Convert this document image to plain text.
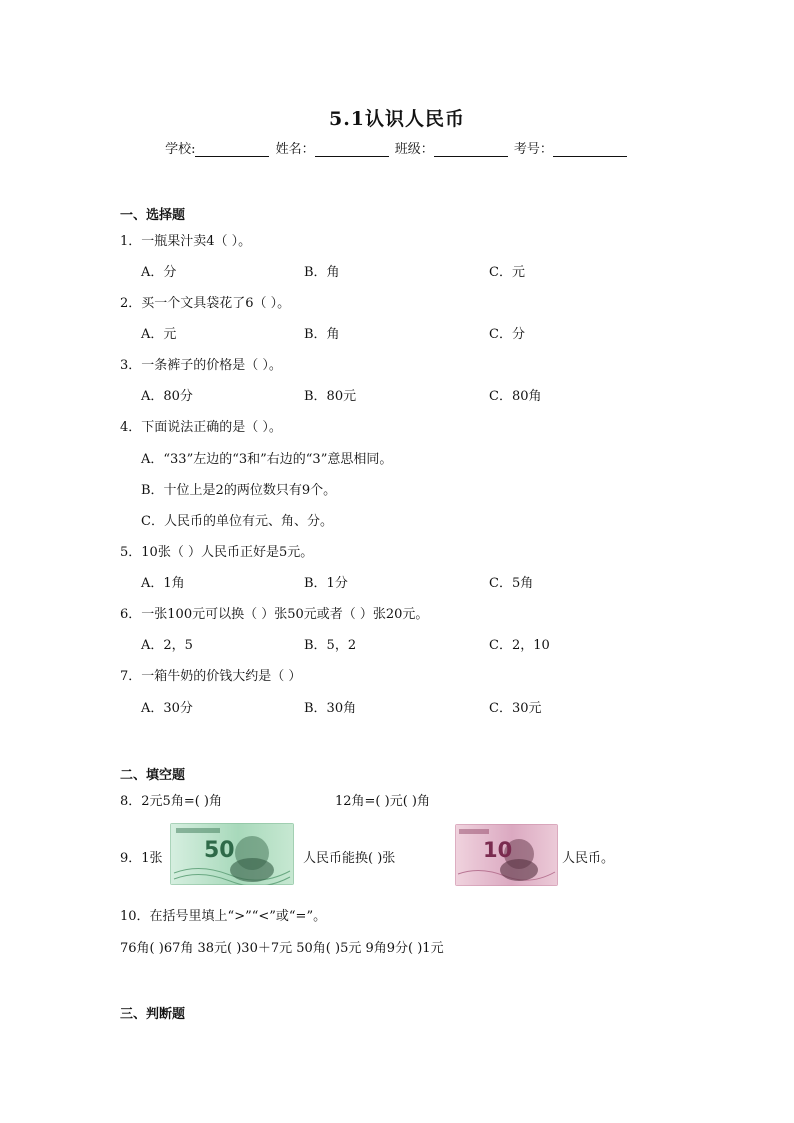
5.1认识人民币
学校:	姓名：	班级：	考号：
一、选择题
1．一瓶果汁卖4（ ）。
A．分	B．角	C．元
2．买一个文具袋花了6（ ）。
A．元	B．角	C．分
3．一条裤子的价格是（ ）。
A．80分	B．80元	C．80角
4．下面说法正确的是（ ）。
A．“33”左边的“3和”右边的“3”意思相同。
B．十位上是2的两位数只有9个。
C．人民币的单位有元、角、分。
5．10张（ ）人民币正好是5元。
A．1角	B．1分	C．5角
6．一张100元可以换（ ）张50元或者（ ）张20元。
A．2，5	B．5，2	C．2，10
7．一箱牛奶的价钱大约是（ ）
A．30分	B．30角	C．30元
二、填空题
8．2元5角=( )角	12角=( )元( )角
9．1张 50	人民币能换( )张	10	人民币。
10．在括号里填上“>”“<”或“=”。
76角( )67角 38元( )30＋7元 50角( )5元 9角9分( )1元
三、判断题
